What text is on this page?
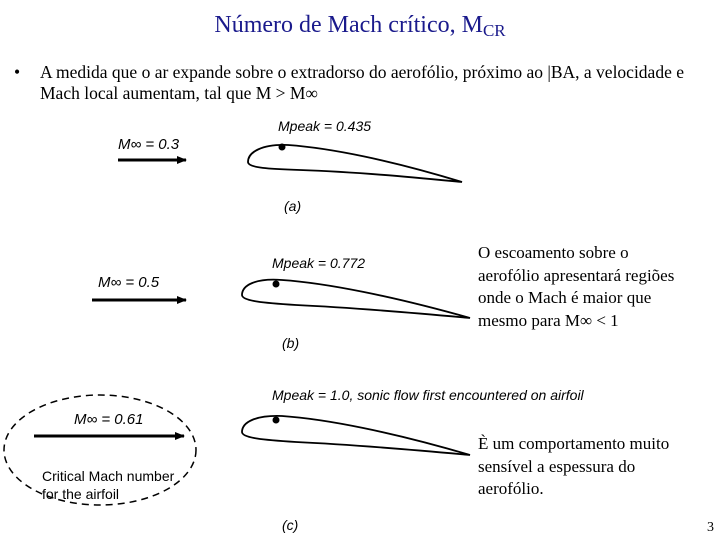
Número de Mach crítico, $M_{CR}$
• A medida que o ar expande sobre o extradorso do aerofólio, próximo ao |BA, a velocidade e Mach local aumentam, tal que M > M∞
M∞ = 0.3
Mpeak = 0.435
(a)
M∞ = 0.5
Mpeak = 0.772
(b)
M∞ = 0.61
Critical Mach number
for the airfoil
Mpeak = 1.0, sonic flow first encountered on airfoil
(c)
O escoamento sobre o aerofólio apresentará regiões onde o Mach é maior que mesmo para M∞ < 1
È um comportamento muito sensível a espessura do aerofólio.
3
